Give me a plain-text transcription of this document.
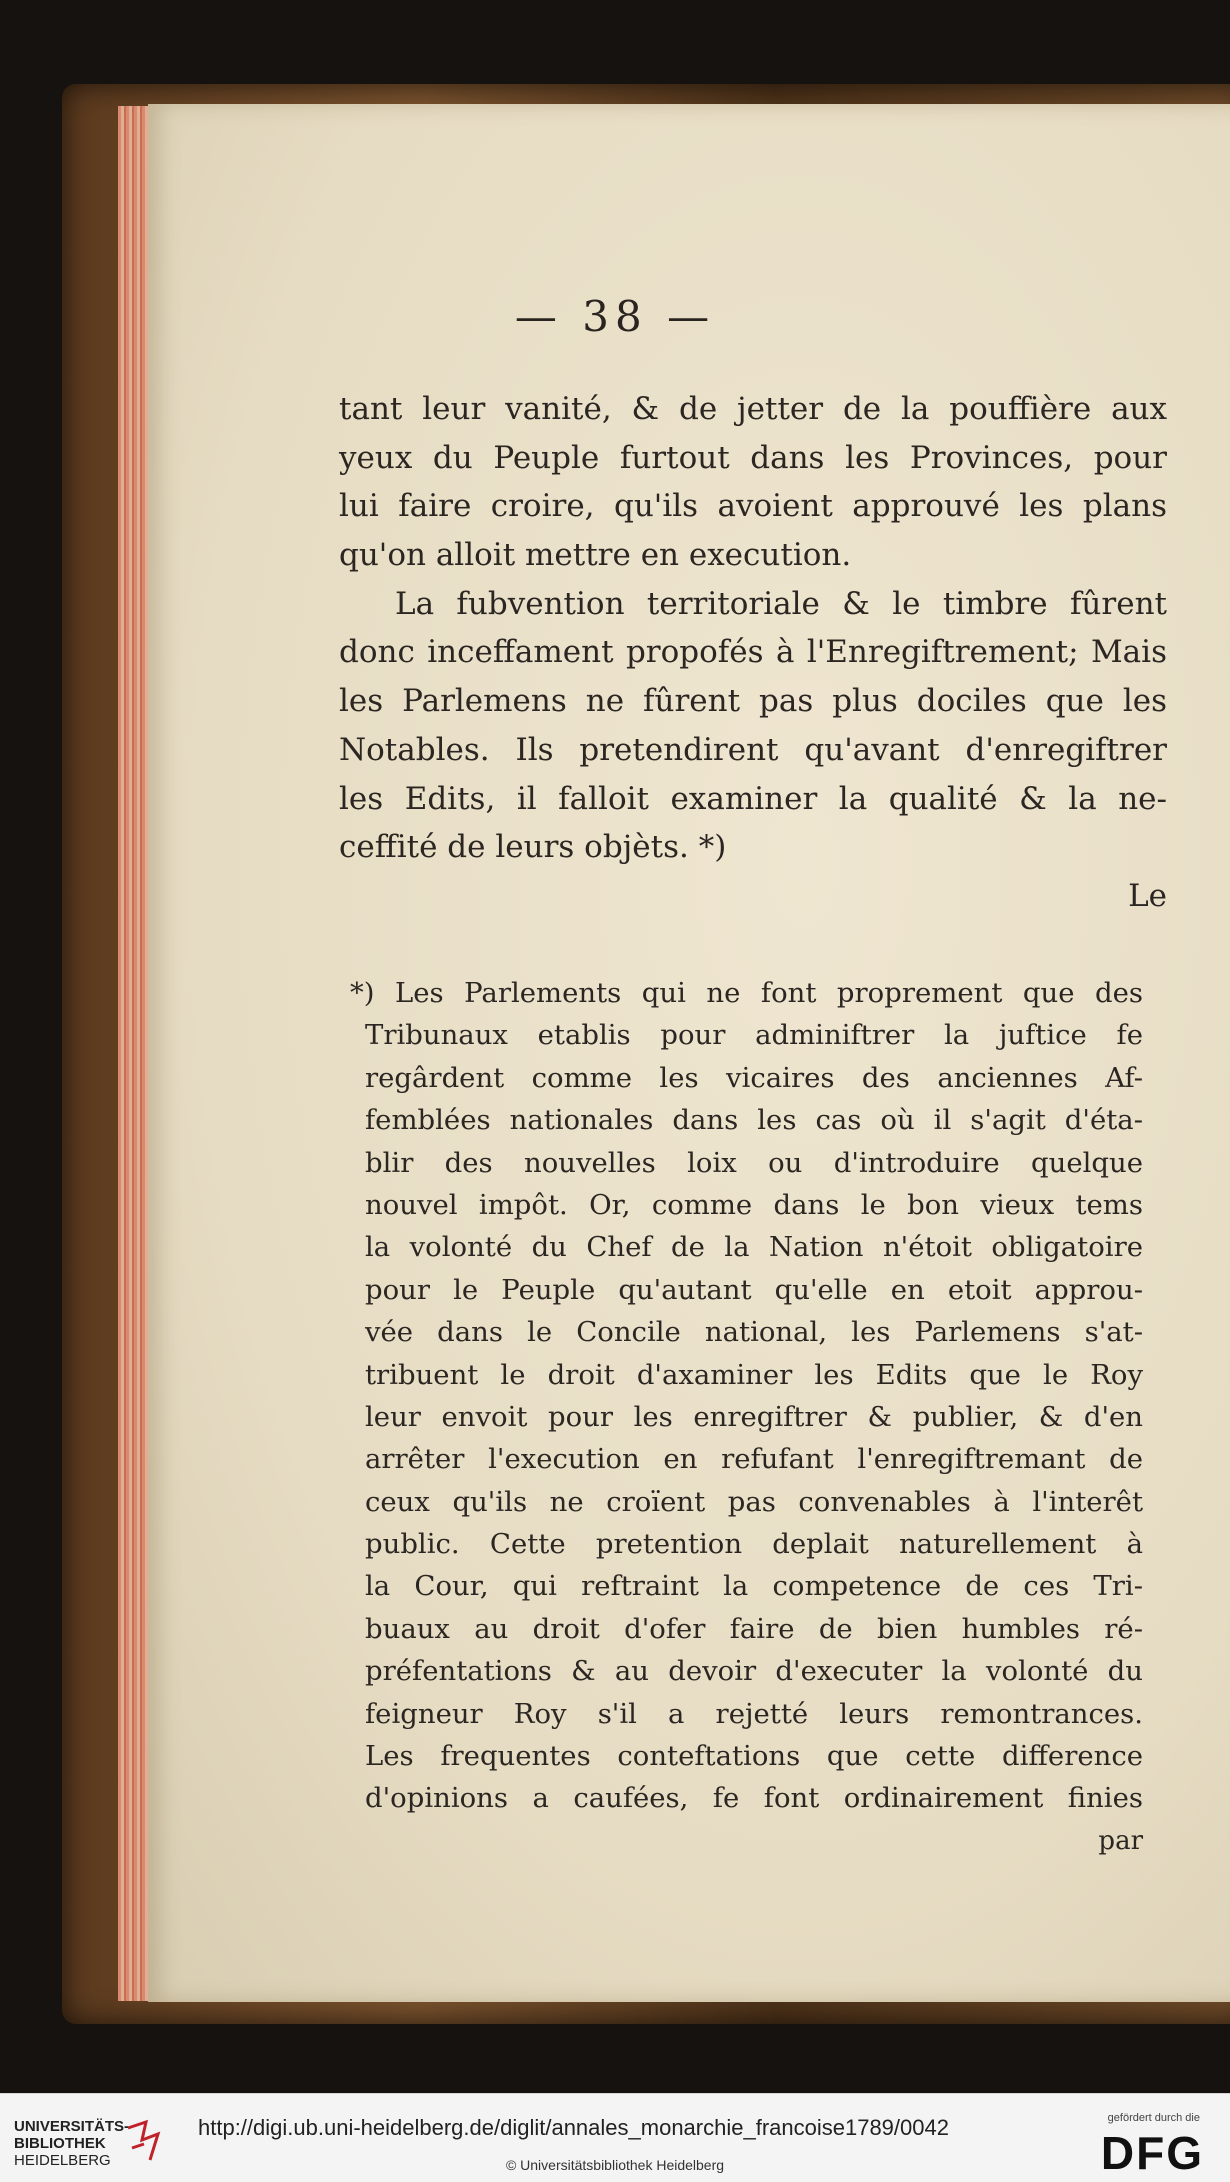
— 38 —
tant leur vanité, & de jetter de la pouffière aux
yeux du Peuple furtout dans les Provinces, pour
lui faire croire, qu'ils avoient approuvé les plans
qu'on alloit mettre en execution.
La fubvention territoriale & le timbre fûrent
donc inceffament propofés à l'Enregiftrement; Mais
les Parlemens ne fûrent pas plus dociles que les
Notables. Ils pretendirent qu'avant d'enregiftrer
les Edits, il falloit examiner la qualité & la ne-
ceffité de leurs objèts. *)
Le
*) Les Parlements qui ne font proprement que des
Tribunaux etablis pour adminiftrer la juftice fe
regârdent comme les vicaires des anciennes Af-
femblées nationales dans les cas où il s'agit d'éta-
blir des nouvelles loix ou d'introduire quelque
nouvel impôt. Or, comme dans le bon vieux tems
la volonté du Chef de la Nation n'étoit obligatoire
pour le Peuple qu'autant qu'elle en etoit approu-
vée dans le Concile national, les Parlemens s'at-
tribuent le droit d'axaminer les Edits que le Roy
leur envoit pour les enregiftrer & publier, & d'en
arrêter l'execution en refufant l'enregiftremant de
ceux qu'ils ne croïent pas convenables à l'interêt
public. Cette pretention deplait naturellement à
la Cour, qui reftraint la competence de ces Tri-
buaux au droit d'ofer faire de bien humbles ré-
préfentations & au devoir d'executer la volonté du
feigneur Roy s'il a rejetté leurs remontrances.
Les frequentes conteftations que cette difference
d'opinions a caufées, fe font ordinairement finies
par
UNIVERSITÄTS-
BIBLIOTHEK
HEIDELBERG
http://digi.ub.uni-heidelberg.de/diglit/annales_monarchie_francoise1789/0042
© Universitätsbibliothek Heidelberg
gefördert durch die
DFG
